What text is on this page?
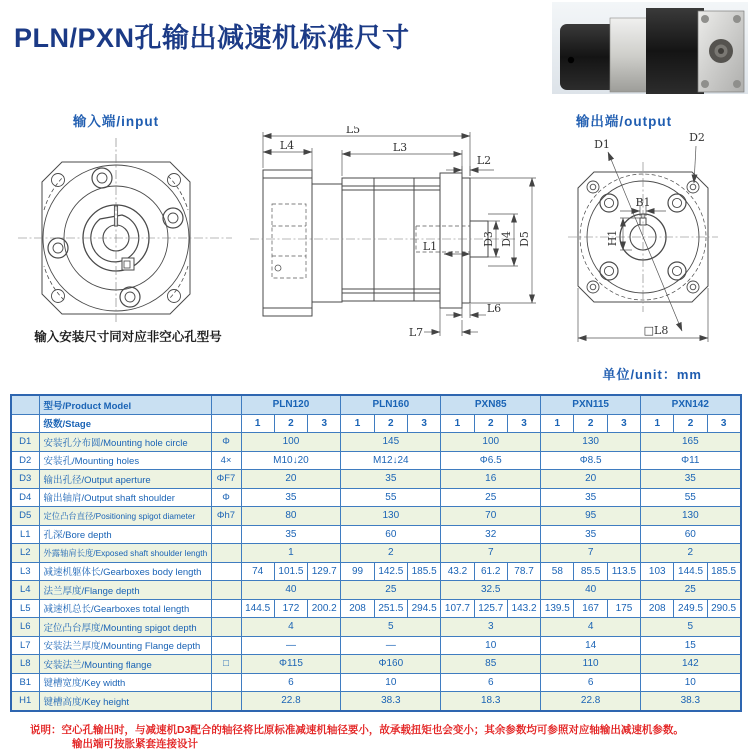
PLN/PXN孔输出减速机标准尺寸
输入端/input	输出端/output
输入安装尺寸同对应非空心孔型号
L5
L4	L3
L2
L1
L6
L7
D3 D4 D5
D1
D2
B1
H1
□L8
单位/unit：mm
	型号/Product Model		PLN120			PLN160			PXN85			PXN115			PXN142		
	级数/Stage		1	2	3	1	2	3	1	2	3	1	2	3	1	2	3
D1	安装孔分布圆/Mounting hole circle	Φ	100			145			100			130			165		
D2	安装孔/Mounting holes	4×	M10↓20			M12↓24			Φ6.5			Φ8.5			Φ11		
D3	输出孔径/Output aperture	ΦF7	20			35			16			20			35		
D4	输出轴肩/Output shaft shoulder	Φ	35			55			25			35			55		
D5	定位凸台直径/Positioning spigot diameter	Φh7	80			130			70			95			130		
L1	孔深/Bore depth		35			60			32			35			60		
L2	外露轴肩长度/Exposed shaft shoulder length		1			2			7			7			2		
L3	减速机躯体长/Gearboxes body length		74	101.5	129.7	99	142.5	185.5	43.2	61.2	78.7	58	85.5	113.5	103	144.5	185.5
L4	法兰厚度/Flange depth		40			25			32.5			40			25		
L5	减速机总长/Gearboxes total length		144.5	172	200.2	208	251.5	294.5	107.7	125.7	143.2	139.5	167	175	208	249.5	290.5
L6	定位凸台厚度/Mounting spigot depth		4			5			3			4			5		
L7	安装法兰厚度/Mounting Flange depth		—			—			10			14			15		
L8	安装法兰/Mounting flange	□	Φ115			Φ160			85			110			142		
B1	键槽宽度/Key width		6			10			6			6			10		
H1	键槽高度/Key height		22.8			38.3			18.3			22.8			38.3		
说明：空心孔输出时，与减速机D3配合的轴径将比原标准减速机轴径要小，故承载扭矩也会变小；其余参数均可参照对应轴输出减速机参数。
输出端可按胀紧套连接设计
